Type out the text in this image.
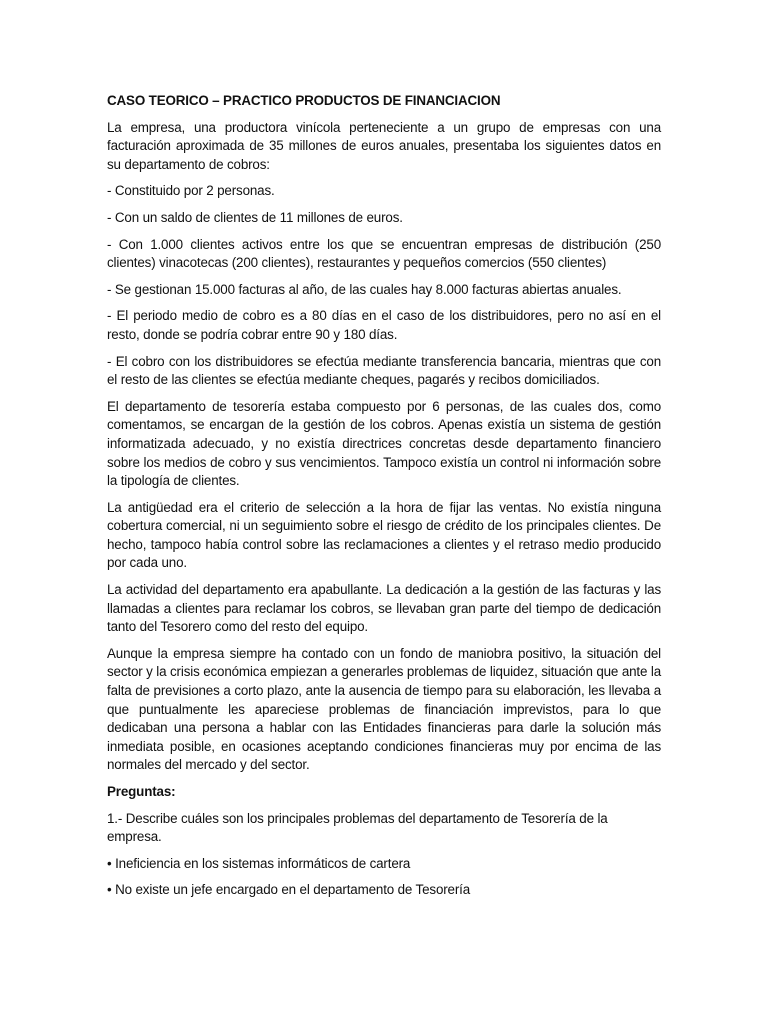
CASO TEORICO – PRACTICO PRODUCTOS DE FINANCIACION

La empresa, una productora vinícola perteneciente a un grupo de empresas con una facturación aproximada de 35 millones de euros anuales, presentaba los siguientes datos en su departamento de cobros:

- Constituido por 2 personas.

- Con un saldo de clientes de 11 millones de euros.

- Con 1.000 clientes activos entre los que se encuentran empresas de distribución (250 clientes) vinacotecas (200 clientes), restaurantes y pequeños comercios (550 clientes)

- Se gestionan 15.000 facturas al año, de las cuales hay 8.000 facturas abiertas anuales.

- El periodo medio de cobro es a 80 días en el caso de los distribuidores, pero no así en el resto, donde se podría cobrar entre 90 y 180 días.

- El cobro con los distribuidores se efectúa mediante transferencia bancaria, mientras que con el resto de las clientes se efectúa mediante cheques, pagarés y recibos domiciliados.

El departamento de tesorería estaba compuesto por 6 personas, de las cuales dos, como comentamos, se encargan de la gestión de los cobros. Apenas existía un sistema de gestión informatizada adecuado, y no existía directrices concretas desde departamento financiero sobre los medios de cobro y sus vencimientos. Tampoco existía un control ni información sobre la tipología de clientes.

La antigüedad era el criterio de selección a la hora de fijar las ventas. No existía ninguna cobertura comercial, ni un seguimiento sobre el riesgo de crédito de los principales clientes. De hecho, tampoco había control sobre las reclamaciones a clientes y el retraso medio producido por cada uno.

La actividad del departamento era apabullante. La dedicación a la gestión de las facturas y las llamadas a clientes para reclamar los cobros, se llevaban gran parte del tiempo de dedicación tanto del Tesorero como del resto del equipo.

Aunque la empresa siempre ha contado con un fondo de maniobra positivo, la situación del sector y la crisis económica empiezan a generarles problemas de liquidez, situación que ante la falta de previsiones a corto plazo, ante la ausencia de tiempo para su elaboración, les llevaba a que puntualmente les apareciese problemas de financiación imprevistos, para lo que dedicaban una persona a hablar con las Entidades financieras para darle la solución más inmediata posible, en ocasiones aceptando condiciones financieras muy por encima de las normales del mercado y del sector.

Preguntas:

1.- Describe cuáles son los principales problemas del departamento de Tesorería de la empresa.

• Ineficiencia en los sistemas informáticos de cartera

• No existe un jefe encargado en el departamento de Tesorería
